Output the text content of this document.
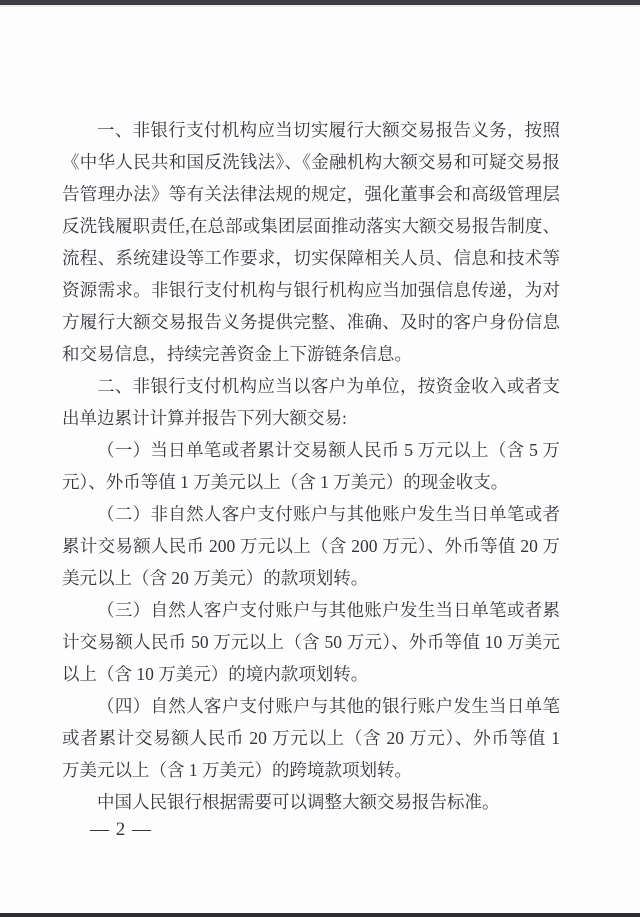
一、非银行支付机构应当切实履行大额交易报告义务，按照
《中华人民共和国反洗钱法》、《金融机构大额交易和可疑交易报
告管理办法》等有关法律法规的规定，强化董事会和高级管理层
反洗钱履职责任,在总部或集团层面推动落实大额交易报告制度、
流程、系统建设等工作要求，切实保障相关人员、信息和技术等
资源需求。非银行支付机构与银行机构应当加强信息传递，为对
方履行大额交易报告义务提供完整、准确、及时的客户身份信息
和交易信息，持续完善资金上下游链条信息。
二、非银行支付机构应当以客户为单位，按资金收入或者支
出单边累计计算并报告下列大额交易:
（一）当日单笔或者累计交易额人民币 5 万元以上（含 5 万
元）、外币等值 1 万美元以上（含 1 万美元）的现金收支。
（二）非自然人客户支付账户与其他账户发生当日单笔或者
累计交易额人民币 200 万元以上（含 200 万元）、外币等值 20 万
美元以上（含 20 万美元）的款项划转。
（三）自然人客户支付账户与其他账户发生当日单笔或者累
计交易额人民币 50 万元以上（含 50 万元）、外币等值 10 万美元
以上（含 10 万美元）的境内款项划转。
（四）自然人客户支付账户与其他的银行账户发生当日单笔
或者累计交易额人民币 20 万元以上（含 20 万元）、外币等值 1
万美元以上（含 1 万美元）的跨境款项划转。
中国人民银行根据需要可以调整大额交易报告标准。
— 2 —
